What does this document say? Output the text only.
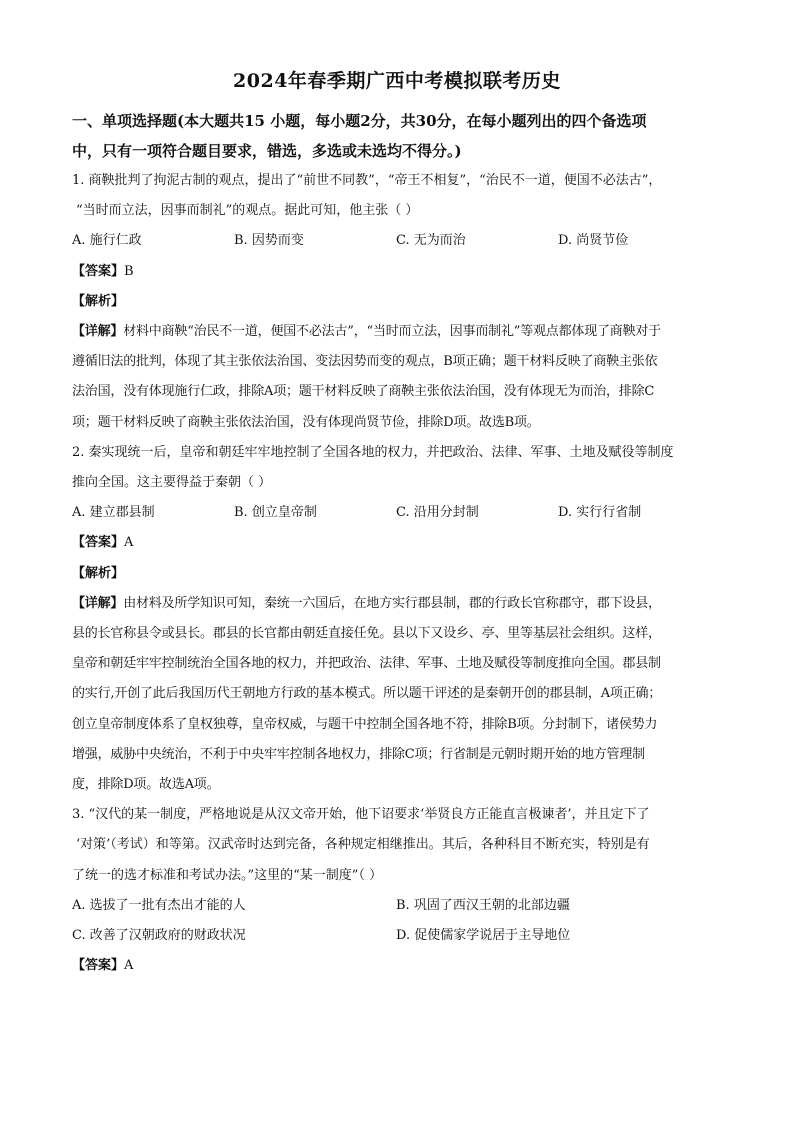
2024年春季期广西中考模拟联考历史
一、单项选择题(本大题共15 小题，每小题2分，共30分，在每小题列出的四个备选项
中，只有一项符合题目要求，错选，多选或未选均不得分。)
1. 商鞅批判了拘泥古制的观点，提出了“前世不同教”，“帝王不相复”，“治民不一道，便国不必法古”，
“当时而立法，因事而制礼”的观点。据此可知，他主张（ ）
A. 施行仁政	B. 因势而变	C. 无为而治	D. 尚贤节俭
【答案】B
【解析】
【详解】材料中商鞅“治民不一道，便国不必法古”，“当时而立法，因事而制礼”等观点都体现了商鞅对于
遵循旧法的批判，体现了其主张依法治国、变法因势而变的观点，B项正确；题干材料反映了商鞅主张依
法治国，没有体现施行仁政，排除A项；题干材料反映了商鞅主张依法治国，没有体现无为而治，排除C
项；题干材料反映了商鞅主张依法治国，没有体现尚贤节俭，排除D项。故选B项。
2. 秦实现统一后，皇帝和朝廷牢牢地控制了全国各地的权力，并把政治、法律、军事、土地及赋役等制度
推向全国。这主要得益于秦朝（ ）
A. 建立郡县制	B. 创立皇帝制	C. 沿用分封制	D. 实行行省制
【答案】A
【解析】
【详解】由材料及所学知识可知，秦统一六国后，在地方实行郡县制，郡的行政长官称郡守，郡下设县，
县的长官称县令或县长。郡县的长官都由朝廷直接任免。县以下又设乡、亭、里等基层社会组织。这样，
皇帝和朝廷牢牢控制统治全国各地的权力，并把政治、法律、军事、土地及赋役等制度推向全国。郡县制
的实行,开创了此后我国历代王朝地方行政的基本模式。所以题干评述的是秦朝开创的郡县制，A项正确；
创立皇帝制度体系了皇权独尊，皇帝权威，与题干中控制全国各地不符，排除B项。分封制下，诸侯势力
增强，威胁中央统治，不利于中央牢牢控制各地权力，排除C项；行省制是元朝时期开始的地方管理制
度，排除D项。故选A项。
3. “汉代的某一制度，严格地说是从汉文帝开始，他下诏要求‘举贤良方正能直言极谏者’，并且定下了
‘对策’（考试）和等第。汉武帝时达到完备，各种规定相继推出。其后，各种科目不断充实，特别是有
了统一的选才标准和考试办法。”这里的“某一制度”（ ）
A. 选拔了一批有杰出才能的人	B. 巩固了西汉王朝的北部边疆
C. 改善了汉朝政府的财政状况	D. 促使儒家学说居于主导地位
【答案】A
